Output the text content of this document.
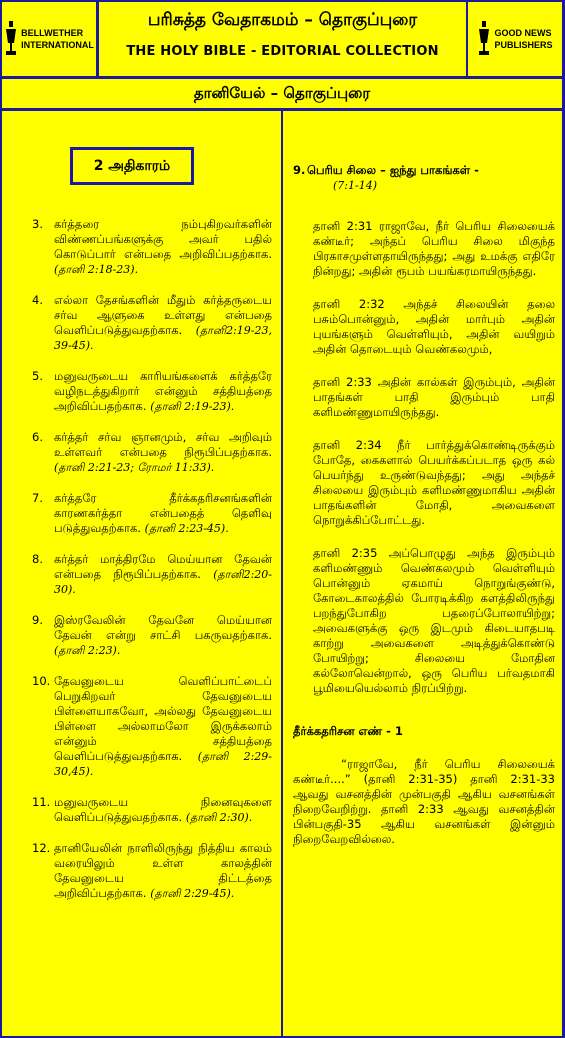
BELLWETHER
INTERNATIONAL
பரிசுத்த வேதாகமம் – தொகுப்புரை
THE HOLY BIBLE - EDITORIAL COLLECTION
GOOD NEWS
PUBLISHERS
தானியேல் – தொகுப்புரை
2 அதிகாரம்
3. கர்த்தரை நம்புகிறவர்களின் விண்ணப்பங்களுக்கு அவர் பதில் கொடுப்பார் என்பதை அறிவிப்பதற்காக. (தானி 2:18-23).
4. எல்லா தேசங்களின் மீதும் கர்த்தருடைய சர்வ ஆளுகை உள்ளது என்பதை வெளிப்படுத்துவதற்காக. (தானி2:19-23, 39-45).
5. மனுவருடைய காரியங்களைக் கர்த்தரே வழிநடத்துகிறார் என்னும் சத்தியத்தை அறிவிப்பதற்காக. (தானி 2:19-23).
6. கர்த்தர் சர்வ ஞானமும், சர்வ அறிவும் உள்ளவர் என்பதை நிரூபிப்பதற்காக. (தானி 2:21-23; ரோமர் 11:33).
7. கர்த்தரே தீர்க்கதரிசனங்களின் காரணகர்த்தா என்பதைத் தெளிவு படுத்துவதற்காக. (தானி 2:23-45).
8. கர்த்தர் மாத்திரமே மெய்யான தேவன் என்பதை நிரூபிப்பதற்காக. (தானி2:20-30).
9. இஸ்ரவேலின் தேவனே மெய்யான தேவன் என்று சாட்சி பகருவதற்காக. (தானி 2:23).
10. தேவனுடைய வெளிப்பாட்டைப் பெறுகிறவர் தேவனுடைய பிள்ளையாகவோ, அல்லது தேவனுடைய பிள்ளை அல்லாமலோ இருக்கலாம் என்னும் சத்தியத்தை வெளிப்படுத்துவதற்காக. (தானி 2:29-30,45).
11. மனுவருடைய நினைவுகளை வெளிப்படுத்துவதற்காக. (தானி 2:30).
12. தானியேலின் நாளிலிருந்து நித்திய காலம் வரையிலும் உள்ள காலத்தின் தேவனுடைய திட்டத்தை அறிவிப்பதற்காக. (தானி 2:29-45).
9. பெரிய சிலை – ஐந்து பாகங்கள் -
(7:1-14)
தானி 2:31 ராஜாவே, நீர் பெரிய சிலையைக் கண்டீர்; அந்தப் பெரிய சிலை மிகுந்த பிரகாசமுள்ளதாயிருந்தது; அது உமக்கு எதிரே நின்றது; அதின் ரூபம் பயங்கரமாயிருந்தது.
தானி 2:32 அந்தச் சிலையின் தலை பசும்பொன்னும், அதின் மார்பும் அதின் புயங்களும் வெள்ளியும், அதின் வயிறும் அதின் தொடையும் வெண்கலமும்,
தானி 2:33 அதின் கால்கள் இரும்பும், அதின் பாதங்கள் பாதி இரும்பும் பாதி களிமண்ணுமாயிருந்தது.
தானி 2:34 நீர் பார்த்துக்கொண்டிருக்கும் போதே, கைகளால் பெயர்க்கப்படாத ஒரு கல் பெயர்ந்து உருண்டுவந்தது; அது அந்தச் சிலையை இரும்பும் களிமண்ணுமாகிய அதின் பாதங்களின் மோதி, அவைகளை நொறுக்கிப்போட்டது.
தானி 2:35 அப்பொழுது அந்த இரும்பும் களிமண்ணும் வெண்கலமும் வெள்ளியும் பொன்னும் ஏகமாய் நொறுங்குண்டு, கோடைகாலத்தில் போரடிக்கிற களத்திலிருந்து பறந்துபோகிற பதரைப்போலாயிற்று; அவைகளுக்கு ஒரு இடமும் கிடையாதபடி காற்று அவைகளை அடித்துக்கொண்டு போயிற்று; சிலையை மோதின கல்லோவென்றால், ஒரு பெரிய பர்வதமாகி பூமியையெல்லாம் நிரப்பிற்று.
தீர்க்கதரிசன எண் - 1
“ராஜாவே, நீர் பெரிய சிலையைக் கண்டீர்....” (தானி 2:31-35) தானி 2:31-33 ஆவது வசனத்தின் முன்பகுதி ஆகிய வசனங்கள் நிறைவேறிற்று. தானி 2:33 ஆவது வசனத்தின் பின்பகுதி-35 ஆகிய வசனங்கள் இன்னும் நிறைவேறவில்லை.
